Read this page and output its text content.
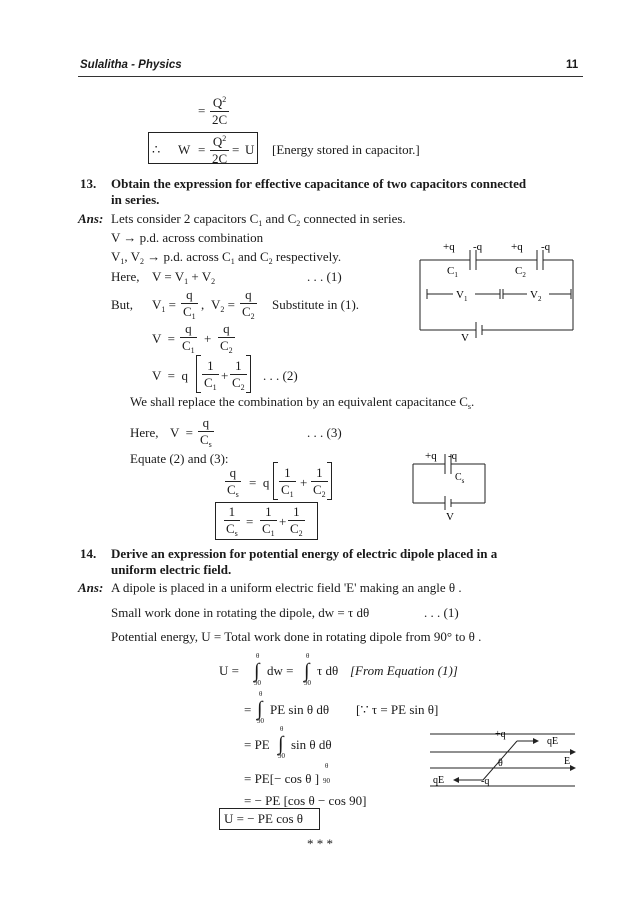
Sulalitha - Physics	11
= $\frac{Q^2}{2C}$
∴ $W = \frac{Q^2}{2C} = U$ [Energy stored in capacitor.]
13. Obtain the expression for effective capacitance of two capacitors connected
in series.
Ans: Lets consider 2 capacitors $C_1$ and $C_2$ connected in series.
V → p.d. across combination
$V_1$, $V_2 \to p.d$. across $C_1$ and $C_2$ respectively.
Here, $V = V_1 + V_2$	. . . (1)
But, $V_1 = \frac{q}{C_1}$ , $V_2 = \frac{q}{C_2}$ Substitute in (1).
$V = \frac{q}{C_1} + \frac{q}{C_2}$
V  =  q $\frac{1}{C_1} + \frac{1}{C_2}$ . . . (2)
We shall replace the combination by an equivalent capacitance $C_s$.
Here, $V = \frac{q}{C_s}$	. . . (3)
Equate (2) and (3):
$\frac{q}{C_s} = q \frac{1}{C_1} + \frac{1}{C_2}$
$\frac{1}{C_s} = \frac{1}{C_1} + \frac{1}{C_2}$
+q -q	+q -q
$C_1$	$C_2$
$V_1$	$V_2$
V
+q -q
$C_s$
V
14. Derive an expression for potential energy of electric dipole placed in a
uniform electric field.
Ans: A dipole is placed in a uniform electric field 'E' making an angle θ .
Small work done in rotating the dipole, dw = τ dθ	. . . (1)
Potential energy, U = Total work done in rotating dipole from 90° to θ .
U =
θ
∫
90
dw =
θ
∫
90
τ dθ [From Equation (1)]
=
θ
∫
90
PE sin θ dθ [∵ τ = PE sin θ]
= PE
θ
∫
90
sin θ dθ
= PE[− cos θ ]
θ
90
= − PE [cos θ − cos 90]
U = − PE cos θ
* * *
+q
qE
θ	E
qE	-q
